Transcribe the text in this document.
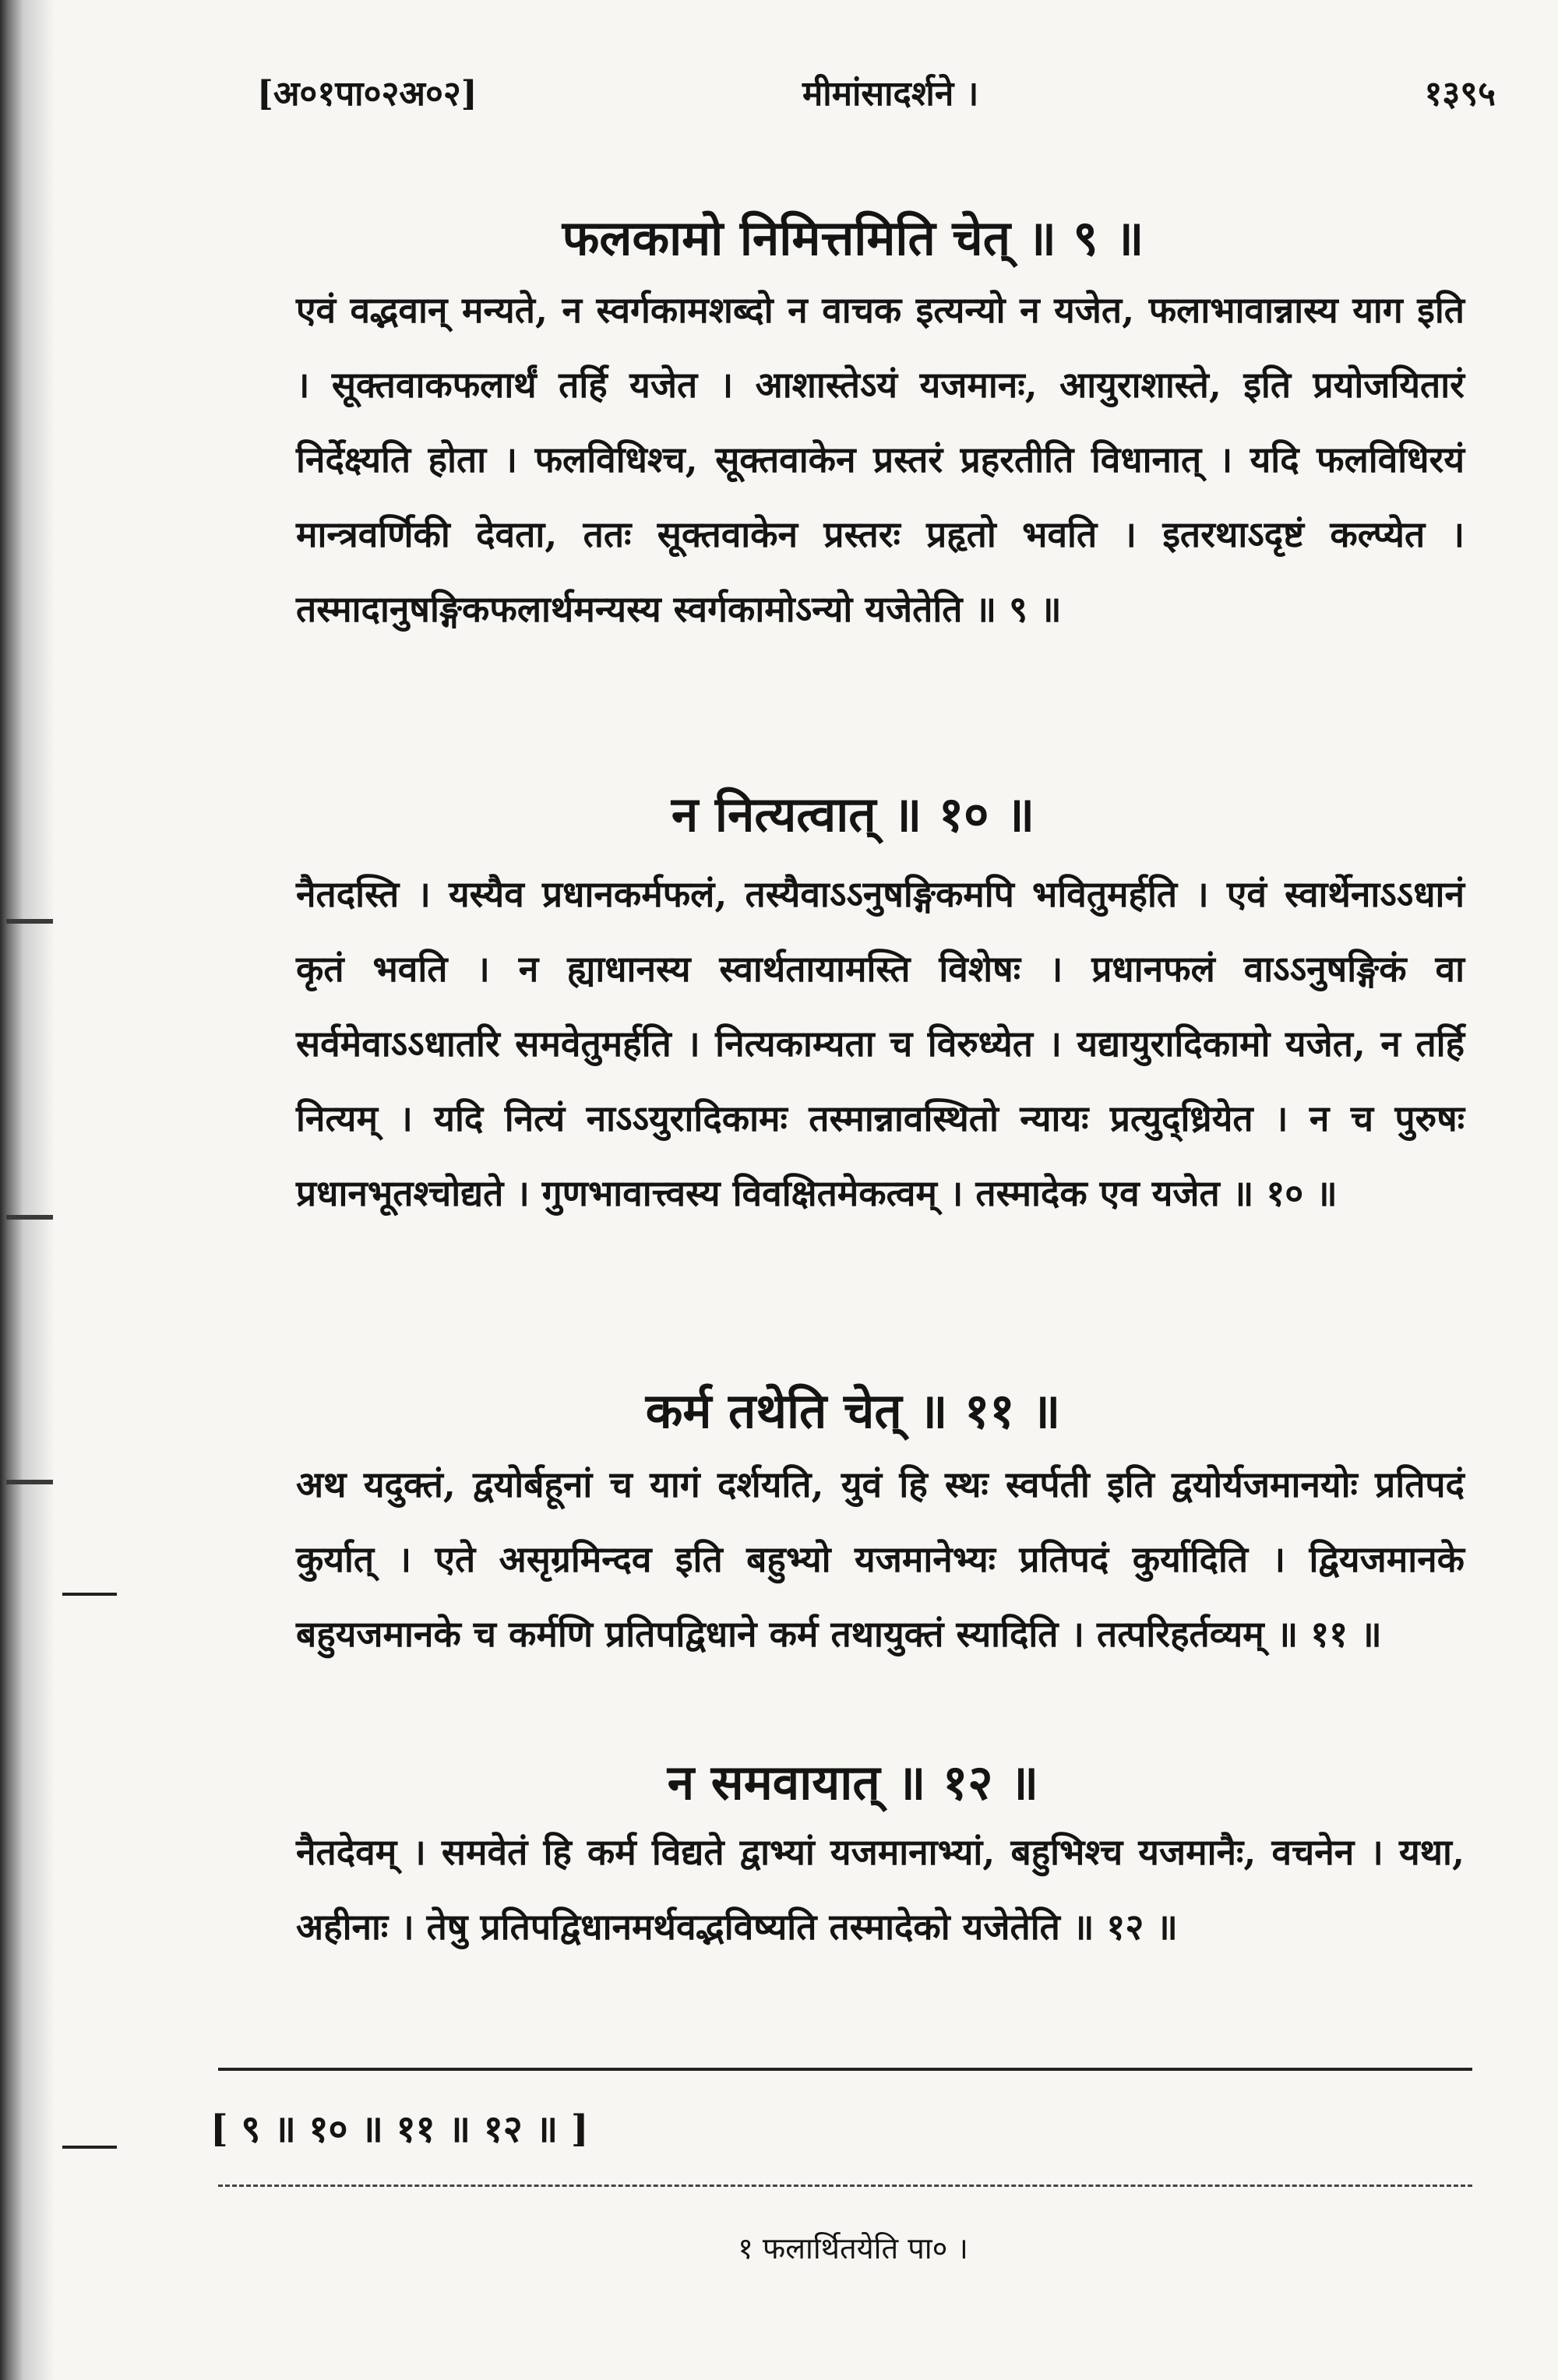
[अ०१पा०२अ०२]	मीमांसादर्शने ।	१३९५
फलकामो निमित्तमिति चेत् ॥ ९ ॥
एवं वद्भवान् मन्यते, न स्वर्गकामशब्दो न वाचक इत्यन्यो न यजेत, फलाभावान्नास्य याग इति । सूक्तवाकफलार्थं तर्हि यजेत । आशास्तेऽयं यजमानः, आयुराशास्ते, इति प्रयोजयितारं निर्देक्ष्यति होता । फलविधिश्च, सूक्तवाकेन प्रस्तरं प्रहरतीति विधानात् । यदि फलविधिरयं मान्त्रवर्णिकी देवता, ततः सूक्तवाकेन प्रस्तरः प्रहृतो भवति । इतरथाऽदृष्टं कल्प्येत । तस्मादानुषङ्गिकफलार्थमन्यस्य स्वर्गकामोऽन्यो यजेतेति ॥ ९ ॥
न नित्यत्वात् ॥ १० ॥
नैतदस्ति । यस्यैव प्रधानकर्मफलं, तस्यैवाऽऽनुषङ्गिकमपि भवितुमर्हति । एवं स्वार्थेनाऽऽधानं कृतं भवति । न ह्याधानस्य स्वार्थतायामस्ति विशेषः । प्रधानफलं वाऽऽनुषङ्गिकं वा सर्वमेवाऽऽधातरि समवेतुमर्हति । नित्यकाम्यता च विरुध्येत । यद्यायुरादिकामो यजेत, न तर्हि नित्यम् । यदि नित्यं नाऽऽयुरादिकामः तस्मान्नावस्थितो न्यायः प्रत्युद्ध्रियेत । न च पुरुषः प्रधानभूतश्चोद्यते । गुणभावात्त्वस्य विवक्षितमेकत्वम् । तस्मादेक एव यजेत ॥ १० ॥
कर्म तथेति चेत् ॥ ११ ॥
अथ यदुक्तं, द्वयोर्बहूनां च यागं दर्शयति, युवं हि स्थः स्वर्पती इति द्वयोर्यजमानयोः प्रतिपदं कुर्यात् । एते असृग्रमिन्दव इति बहुभ्यो यजमानेभ्यः प्रतिपदं कुर्यादिति । द्वियजमानके बहुयजमानके च कर्मणि प्रतिपद्विधाने कर्म तथायुक्तं स्यादिति । तत्परिहर्तव्यम् ॥ ११ ॥
न समवायात् ॥ १२ ॥
नैतदेवम् । समवेतं हि कर्म विद्यते द्वाभ्यां यजमानाभ्यां, बहुभिश्च यजमानैः, वचनेन । यथा, अहीनाः । तेषु प्रतिपद्विधानमर्थवद्भविष्यति तस्मादेको यजेतेति ॥ १२ ॥
[ ९ ॥ १० ॥ ११ ॥ १२ ॥ ]
१ फलार्थितयेति पा० ।
